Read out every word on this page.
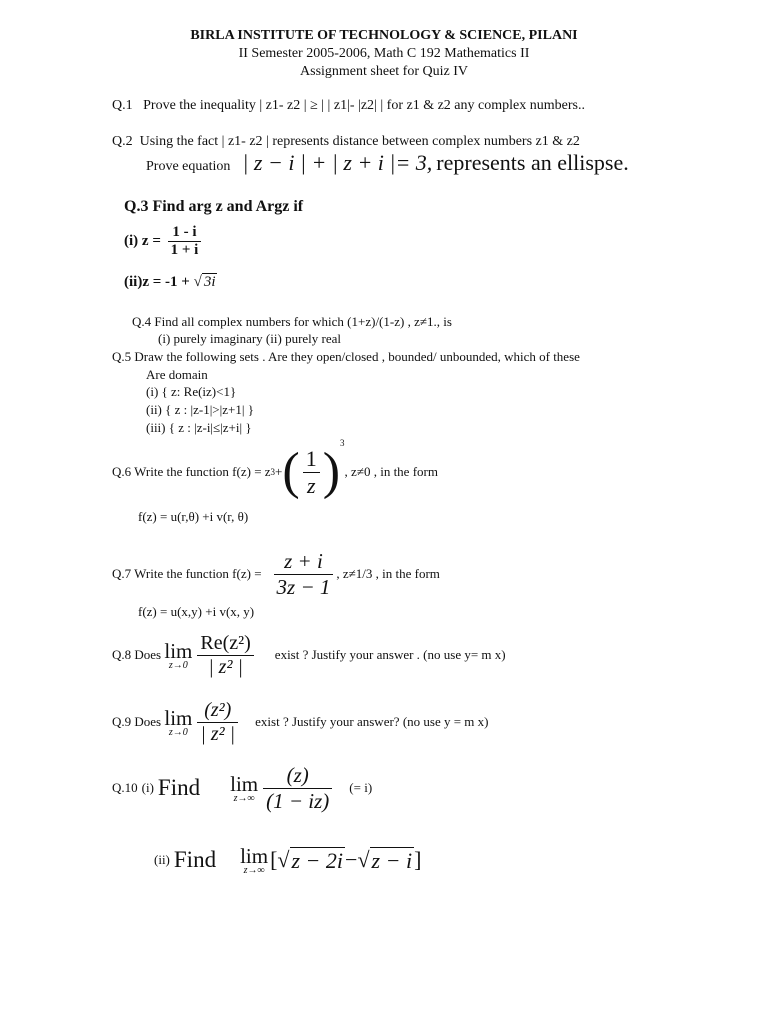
BIRLA INSTITUTE OF TECHNOLOGY & SCIENCE, PILANI
II Semester 2005-2006, Math C 192 Mathematics II
Assignment sheet for Quiz IV
Q.1 Prove the inequality | z1- z2 | ≥ | | z1|- |z2| | for z1 & z2 any complex numbers..
Q.2 Using the fact | z1- z2 | represents distance between complex numbers z1 & z2
Prove equation | z − i | + | z + i |= 3, represents an ellispse.
Q.3 Find arg z and Argz if
(i) $z = \frac{1 - i}{1 + i}$
(ii)z = -1 + √ 3i
Q.4 Find all complex numbers for which (1+z)/(1-z) , z≠1., is
(i) purely imaginary (ii) purely real
Q.5 Draw the following sets . Are they open/closed , bounded/ unbounded, which of these
Are domain
(i) { z: Re(iz)<1}
(ii) { z : |z-1|>|z+1| }
(iii) { z : |z-i|≤|z+i| }
Q.6 Write the function f(z) = z 3 + ( $\frac{1}{z} )^3$
, z≠0 , in the form
f(z) = u(r,θ) +i v(r, θ)
Q.7 Write the function $f(z) = \frac{z + i}{3z - 1}$ , z≠1/3 , in the form
f(z) = u(x,y) +i v(x, y)
Q.8 Does
lim
$z\to 0 \frac{\text{Re(z²)}}{\text{| z² |}}$ exist ? Justify your answer . (no use y= m x)
Q.9 Does
lim
$z\to 0 \frac{\text{(z²)}}{\text{| z² |}}$ exist ? Justify your answer? (no use y = m x)
Q.10
(i)
Find lim
$z\to\infty \frac{(z)}{(1 - iz)}$ (= i)
(ii)
Find lim
z→∞ [ √ z − 2i − √ z − i ]
